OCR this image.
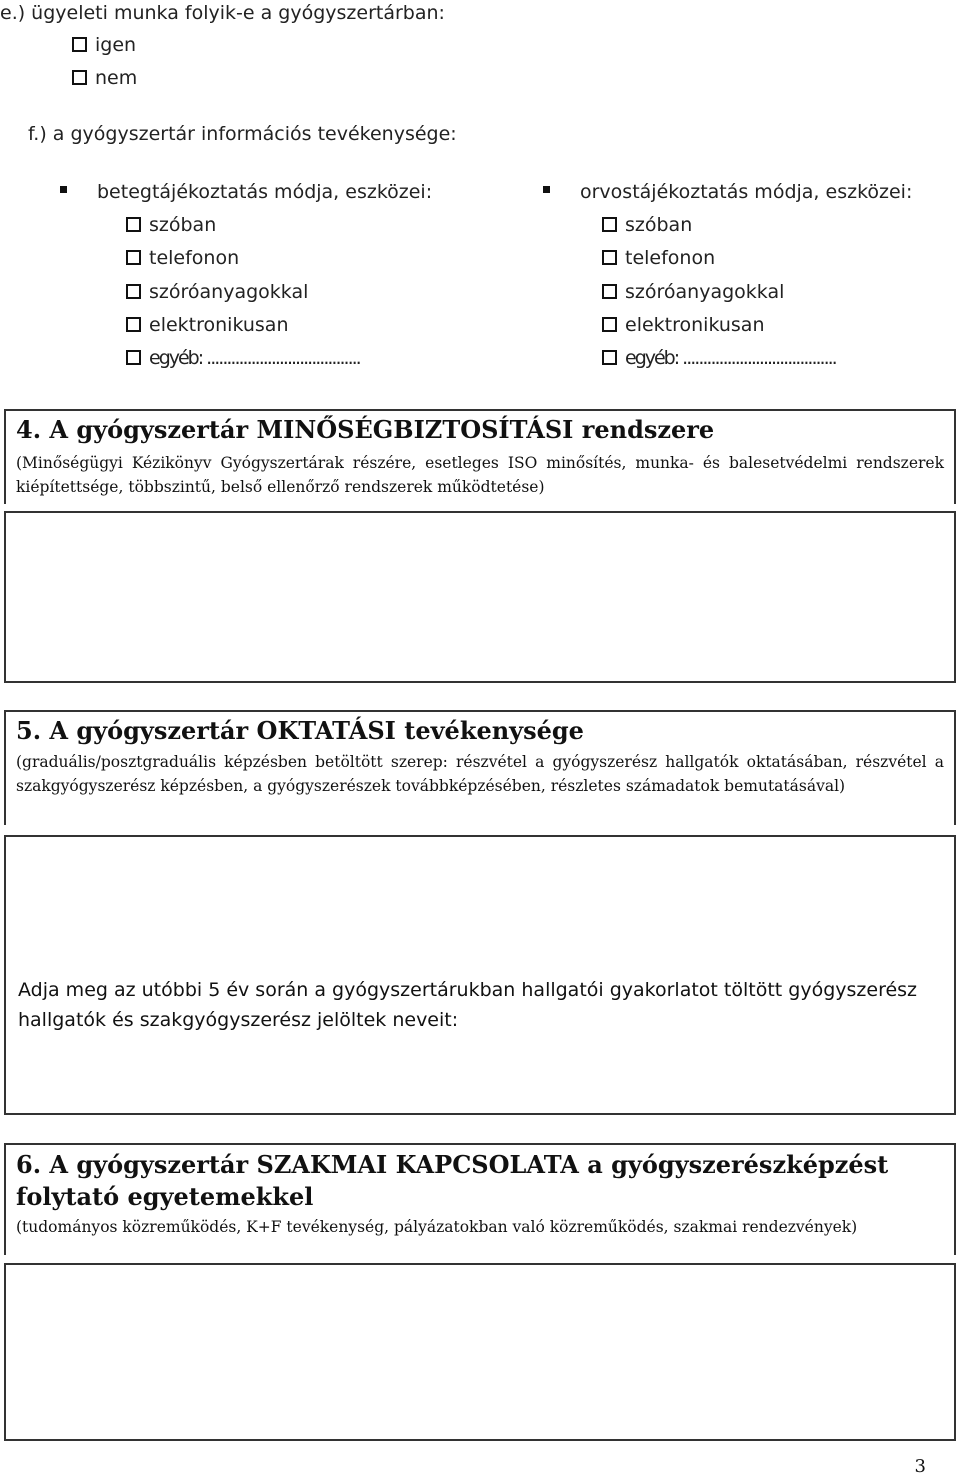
e.) ügyeleti munka folyik-e a gyógyszertárban:
igen
nem
f.) a gyógyszertár információs tevékenysége:
betegtájékoztatás módja, eszközei:
szóban
telefonon
szóróanyagokkal
elektronikusan
egyéb: ......................................
orvostájékoztatás módja, eszközei:
szóban
telefonon
szóróanyagokkal
elektronikusan
egyéb: ......................................
4. A gyógyszertár MINŐSÉGBIZTOSÍTÁSI rendszere
(Minőségügyi Kézikönyv Gyógyszertárak részére, esetleges ISO minősítés, munka- és balesetvédelmi rendszerek kiépítettsége, többszintű, belső ellenőrző rendszerek működtetése)
5. A gyógyszertár OKTATÁSI tevékenysége
(graduális/posztgraduális képzésben betöltött szerep: részvétel a gyógyszerész hallgatók oktatásában, részvétel a szakgyógyszerész képzésben, a gyógyszerészek továbbképzésében, részletes számadatok bemutatásával)
Adja meg az utóbbi 5 év során a gyógyszertárukban hallgatói gyakorlatot töltött gyógyszerész hallgatók és szakgyógyszerész jelöltek neveit:
6. A gyógyszertár SZAKMAI KAPCSOLATA a gyógyszerészképzést folytató egyetemekkel
(tudományos közreműködés, K+F tevékenység, pályázatokban való közreműködés, szakmai rendezvények)
3
